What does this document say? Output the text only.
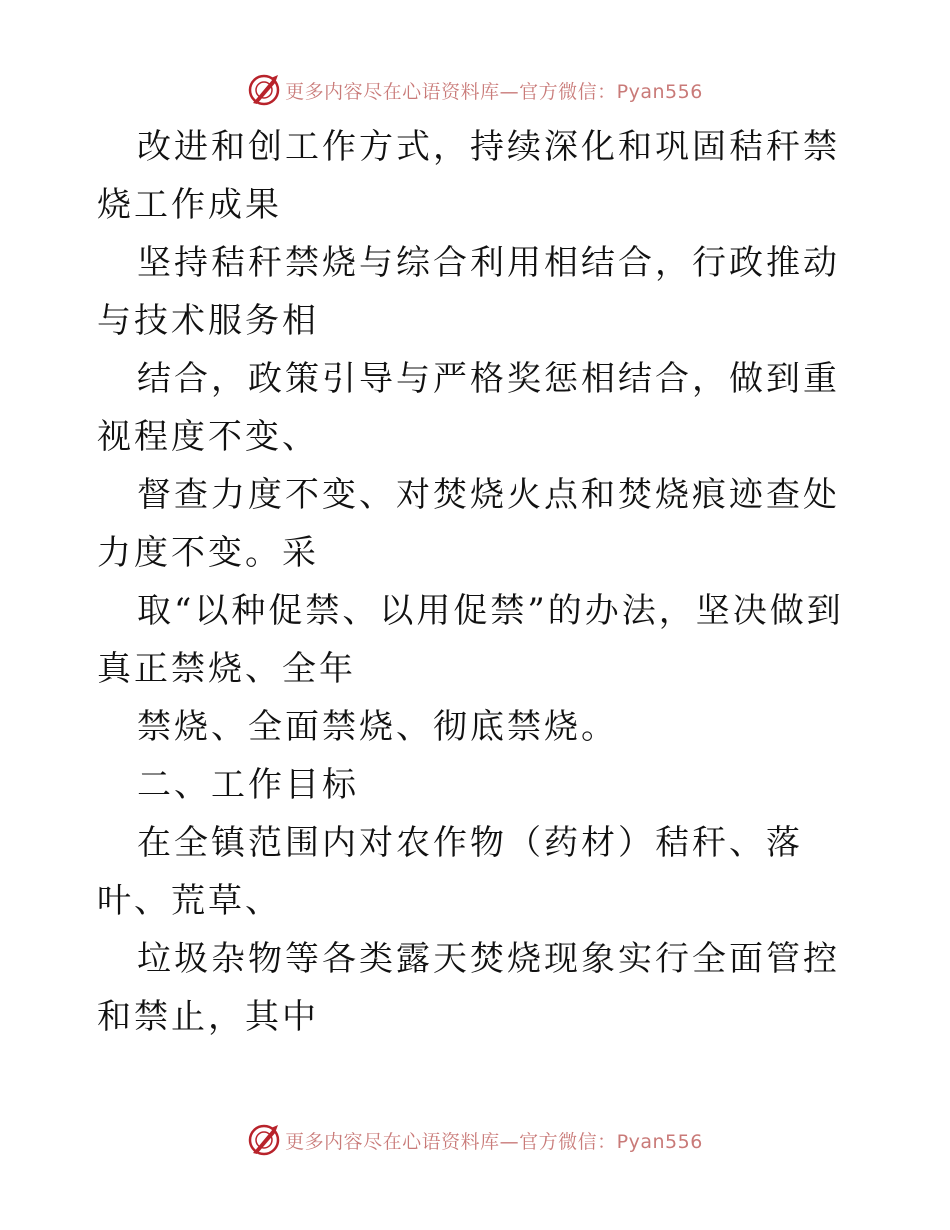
更多内容尽在心语资料库—官方微信：Pyan556

改进和创工作方式，持续深化和巩固秸秆禁烧工作成果

坚持秸秆禁烧与综合利用相结合，行政推动与技术服务相

结合，政策引导与严格奖惩相结合，做到重视程度不变、

督查力度不变、对焚烧火点和焚烧痕迹查处力度不变。采

取“以种促禁、以用促禁”的办法，坚决做到真正禁烧、全年

禁烧、全面禁烧、彻底禁烧。

二、工作目标

在全镇范围内对农作物（药材）秸秆、落叶、荒草、

垃圾杂物等各类露天焚烧现象实行全面管控和禁止，其中

更多内容尽在心语资料库—官方微信：Pyan556
